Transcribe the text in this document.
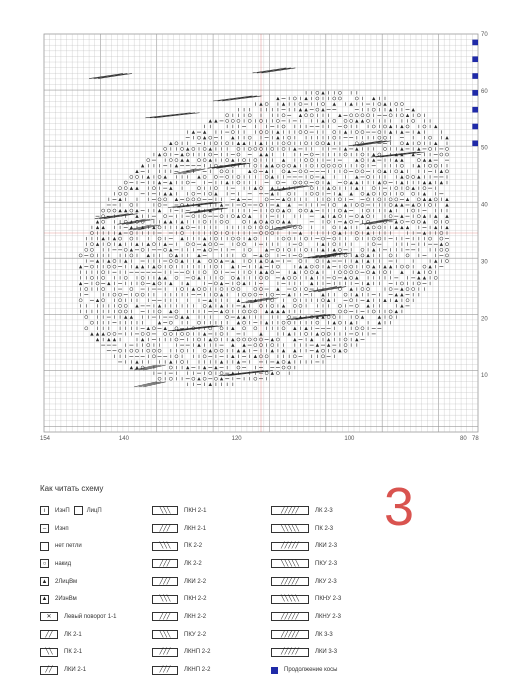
70
60
50
40
30
20
10
154	140	120	100	80 78
Как читать схему
ı	ИзнП	ЛицП
–	Изнп
нет петли
○	накид
▲ 2ЛицВм
▲ 2ИзнВм
✕	Левый поворот 1-1
╱╱	ЛК 2-1
╲╲	ПК 2-1
╱╱	ЛКИ 2-1
╲╲╲	ПКН 2-1
╱╱╱	ЛКН 2-1
╲╲╲	ПК 2-2
╱╱╱	ЛК 2-2
╱╱╱	ЛКИ 2-2
╲╲╲	ПКН 2-2
╱╱╱	ЛКН 2-2
╲╲╲	ПКУ 2-2
╱╱╱	ЛКНП 2-2
╱╱╱	ЛКНП 2-2
╱╱╱╱╱	ЛК 2-3
╲╲╲╲╲	ПК 2-3
╱╱╱╱╱	ЛКИ 2-3
╲╲╲╲╲	ПКУ 2-3
╱╱╱╱╱	ЛКУ 2-3
╲╲╲╲╲	ПКНУ 2-3
╱╱╱╱╱	ЛКНУ 2-3
╱╱╱╱╱	ЛК 3-3
╱╱╱╱╱	ЛКИ 3-3
Продолжение косы
3
